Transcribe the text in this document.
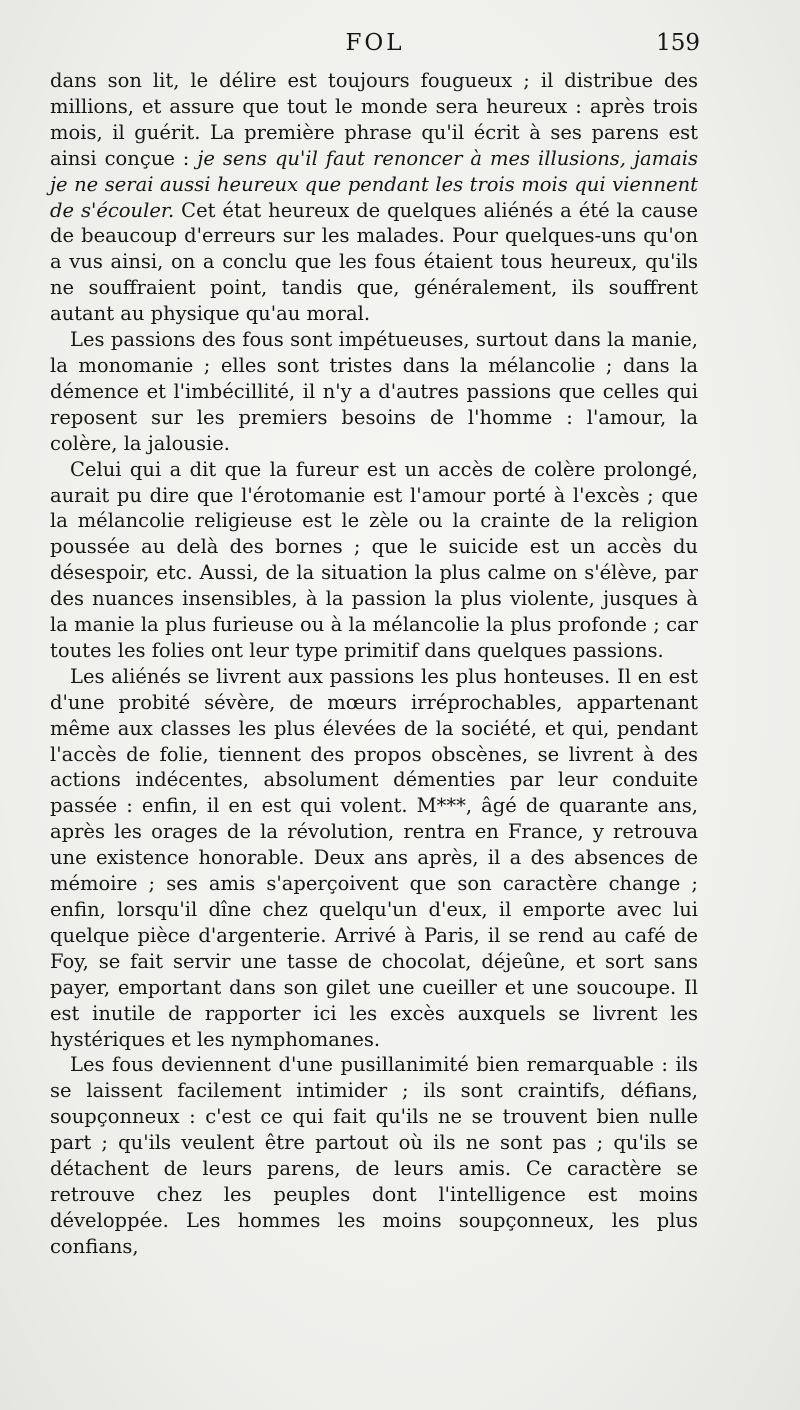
FOL	159

dans son lit, le délire est toujours fougueux ; il distribue des millions, et assure que tout le monde sera heureux : après trois mois, il guérit. La première phrase qu'il écrit à ses parens est ainsi conçue : je sens qu'il faut renoncer à mes illusions, jamais je ne serai aussi heureux que pendant les trois mois qui viennent de s'écouler. Cet état heureux de quelques aliénés a été la cause de beaucoup d'erreurs sur les malades. Pour quelques-uns qu'on a vus ainsi, on a conclu que les fous étaient tous heureux, qu'ils ne souffraient point, tandis que, généralement, ils souffrent autant au physique qu'au moral.

Les passions des fous sont impétueuses, surtout dans la manie, la monomanie ; elles sont tristes dans la mélancolie ; dans la démence et l'imbécillité, il n'y a d'autres passions que celles qui reposent sur les premiers besoins de l'homme : l'amour, la colère, la jalousie.

Celui qui a dit que la fureur est un accès de colère prolongé, aurait pu dire que l'érotomanie est l'amour porté à l'excès ; que la mélancolie religieuse est le zèle ou la crainte de la religion poussée au delà des bornes ; que le suicide est un accès du désespoir, etc. Aussi, de la situation la plus calme on s'élève, par des nuances insensibles, à la passion la plus violente, jusques à la manie la plus furieuse ou à la mélancolie la plus profonde ; car toutes les folies ont leur type primitif dans quelques passions.

Les aliénés se livrent aux passions les plus honteuses. Il en est d'une probité sévère, de mœurs irréprochables, appartenant même aux classes les plus élevées de la société, et qui, pendant l'accès de folie, tiennent des propos obscènes, se livrent à des actions indécentes, absolument démenties par leur conduite passée : enfin, il en est qui volent. M***, âgé de quarante ans, après les orages de la révolution, rentra en France, y retrouva une existence honorable. Deux ans après, il a des absences de mémoire ; ses amis s'aperçoivent que son caractère change ; enfin, lorsqu'il dîne chez quelqu'un d'eux, il emporte avec lui quelque pièce d'argenterie. Arrivé à Paris, il se rend au café de Foy, se fait servir une tasse de chocolat, déjeûne, et sort sans payer, emportant dans son gilet une cueiller et une soucoupe. Il est inutile de rapporter ici les excès auxquels se livrent les hystériques et les nymphomanes.

Les fous deviennent d'une pusillanimité bien remarquable : ils se laissent facilement intimider ; ils sont craintifs, défians, soupçonneux : c'est ce qui fait qu'ils ne se trouvent bien nulle part ; qu'ils veulent être partout où ils ne sont pas ; qu'ils se détachent de leurs parens, de leurs amis. Ce caractère se retrouve chez les peuples dont l'intelligence est moins développée. Les hommes les moins soupçonneux, les plus confians,
